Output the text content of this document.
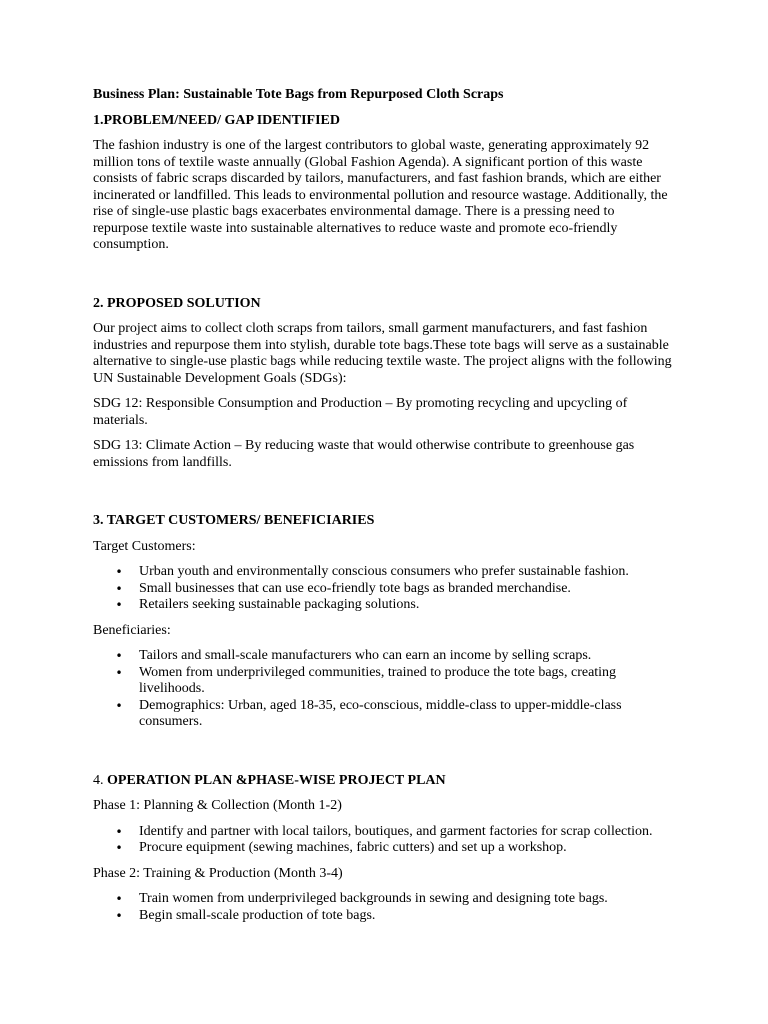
Business Plan: Sustainable Tote Bags from Repurposed Cloth Scraps
1.PROBLEM/NEED/ GAP IDENTIFIED

The fashion industry is one of the largest contributors to global waste, generating approximately 92 million tons of textile waste annually (Global Fashion Agenda). A significant portion of this waste consists of fabric scraps discarded by tailors, manufacturers, and fast fashion brands, which are either incinerated or landfilled. This leads to environmental pollution and resource wastage. Additionally, the rise of single-use plastic bags exacerbates environmental damage. There is a pressing need to repurpose textile waste into sustainable alternatives to reduce waste and promote eco-friendly consumption.

2. PROPOSED SOLUTION

Our project aims to collect cloth scraps from tailors, small garment manufacturers, and fast fashion industries and repurpose them into stylish, durable tote bags.These tote bags will serve as a sustainable alternative to single-use plastic bags while reducing textile waste. The project aligns with the following UN Sustainable Development Goals (SDGs):

SDG 12: Responsible Consumption and Production – By promoting recycling and upcycling of materials.

SDG 13: Climate Action – By reducing waste that would otherwise contribute to greenhouse gas emissions from landfills.

3. TARGET CUSTOMERS/ BENEFICIARIES

Target Customers:

• Urban youth and environmentally conscious consumers who prefer sustainable fashion.
• Small businesses that can use eco-friendly tote bags as branded merchandise.
• Retailers seeking sustainable packaging solutions.

Beneficiaries:

• Tailors and small-scale manufacturers who can earn an income by selling scraps.
• Women from underprivileged communities, trained to produce the tote bags, creating livelihoods.
• Demographics: Urban, aged 18-35, eco-conscious, middle-class to upper-middle-class consumers.
4. OPERATION PLAN &PHASE-WISE PROJECT PLAN

Phase 1: Planning & Collection (Month 1-2)

• Identify and partner with local tailors, boutiques, and garment factories for scrap collection.
• Procure equipment (sewing machines, fabric cutters) and set up a workshop.

Phase 2: Training & Production (Month 3-4)

• Train women from underprivileged backgrounds in sewing and designing tote bags.
• Begin small-scale production of tote bags.
